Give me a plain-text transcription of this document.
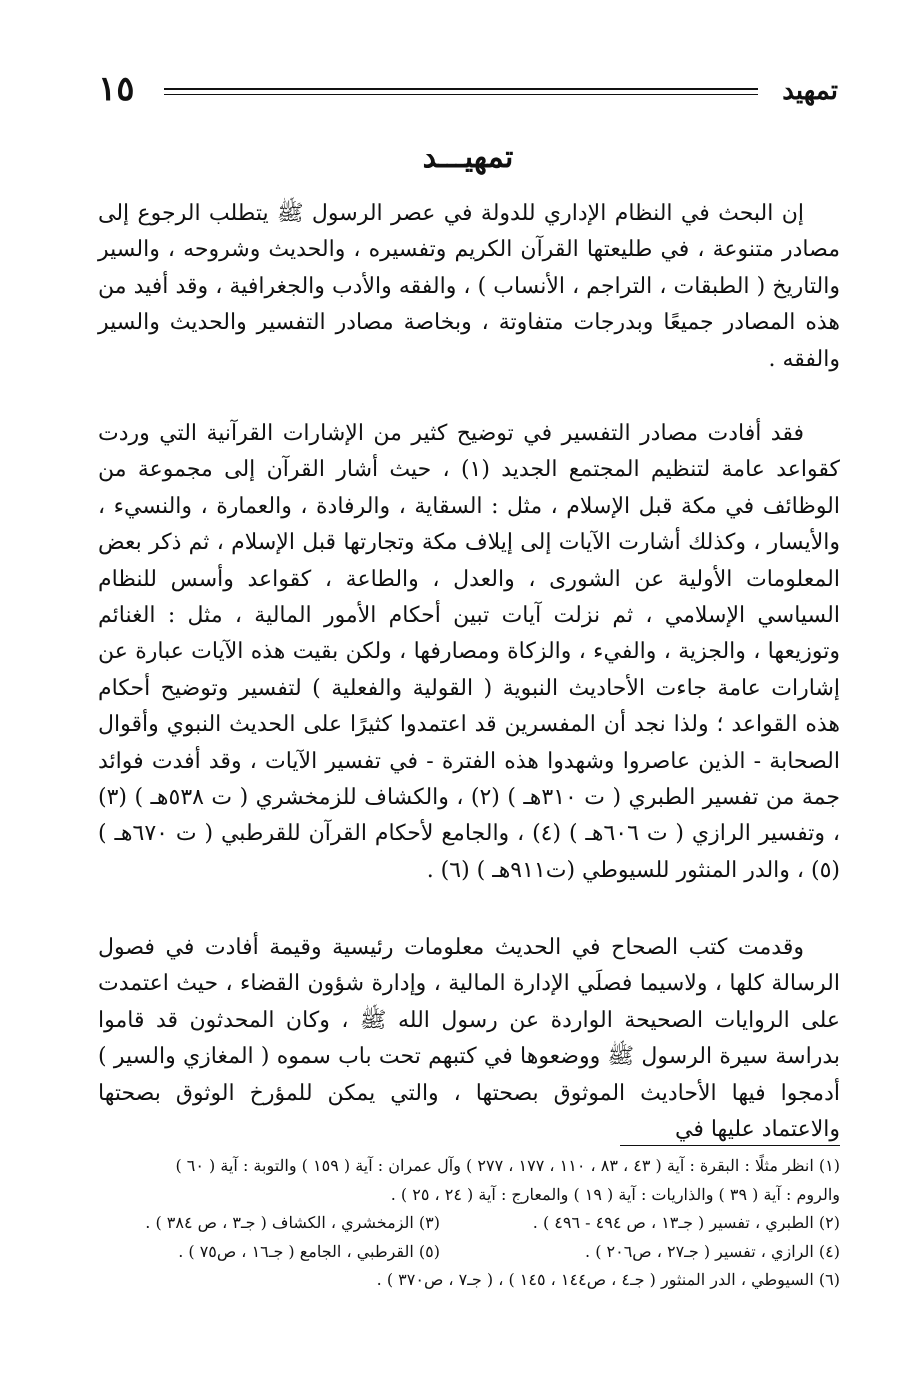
تمهيد
١٥
تمهيـــد

إن البحث في النظام الإداري للدولة في عصر الرسول ﷺ يتطلب الرجوع إلى مصادر متنوعة ، في طليعتها القرآن الكريم وتفسيره ، والحديث وشروحه ، والسير والتاريخ ( الطبقات ، التراجم ، الأنساب ) ، والفقه والأدب والجغرافية ، وقد أفيد من هذه المصادر جميعًا وبدرجات متفاوتة ، وبخاصة مصادر التفسير والحديث والسير والفقه .

فقد أفادت مصادر التفسير في توضيح كثير من الإشارات القرآنية التي وردت كقواعد عامة لتنظيم المجتمع الجديد (١) ، حيث أشار القرآن إلى مجموعة من الوظائف في مكة قبل الإسلام ، مثل : السقاية ، والرفادة ، والعمارة ، والنسيء ، والأيسار ، وكذلك أشارت الآيات إلى إيلاف مكة وتجارتها قبل الإسلام ، ثم ذكر بعض المعلومات الأولية عن الشورى ، والعدل ، والطاعة ، كقواعد وأسس للنظام السياسي الإسلامي ، ثم نزلت آيات تبين أحكام الأمور المالية ، مثل : الغنائم وتوزيعها ، والجزية ، والفيء ، والزكاة ومصارفها ، ولكن بقيت هذه الآيات عبارة عن إشارات عامة جاءت الأحاديث النبوية ( القولية والفعلية ) لتفسير وتوضيح أحكام هذه القواعد ؛ ولذا نجد أن المفسرين قد اعتمدوا كثيرًا على الحديث النبوي وأقوال الصحابة - الذين عاصروا وشهدوا هذه الفترة - في تفسير الآيات ، وقد أفدت فوائد جمة من تفسير الطبري ( ت ٣١٠هـ ) (٢) ، والكشاف للزمخشري ( ت ٥٣٨هـ ) (٣) ، وتفسير الرازي ( ت ٦٠٦هـ ) (٤) ، والجامع لأحكام القرآن للقرطبي ( ت ٦٧٠هـ ) (٥) ، والدر المنثور للسيوطي (ت٩١١هـ ) (٦) .

وقدمت كتب الصحاح في الحديث معلومات رئيسية وقيمة أفادت في فصول الرسالة كلها ، ولاسيما فصلَي الإدارة المالية ، وإدارة شؤون القضاء ، حيث اعتمدت على الروايات الصحيحة الواردة عن رسول الله ﷺ ، وكان المحدثون قد قاموا بدراسة سيرة الرسول ﷺ ووضعوها في كتبهم تحت باب سموه ( المغازي والسير ) أدمجوا فيها الأحاديث الموثوق بصحتها ، والتي يمكن للمؤرخ الوثوق بصحتها والاعتماد عليها في

(١) انظر مثلًا : البقرة : آية ( ٤٣ ، ٨٣ ، ١١٠ ، ١٧٧ ، ٢٧٧ ) وآل عمران : آية ( ١٥٩ ) والتوبة : آية ( ٦٠ )
والروم : آية ( ٣٩ ) والذاريات : آية ( ١٩ ) والمعارج : آية ( ٢٤ ، ٢٥ ) .
(٢) الطبري ، تفسير ( جـ١٣ ، ص ٤٩٤ - ٤٩٦ ) .
(٣) الزمخشري ، الكشاف ( جـ٣ ، ص ٣٨٤ ) .
(٤) الرازي ، تفسير ( جـ٢٧ ، ص٢٠٦ ) .
(٥) القرطبي ، الجامع ( جـ١٦ ، ص٧٥ ) .
(٦) السيوطي ، الدر المنثور ( جـ٤ ، ص١٤٤ ، ١٤٥ ) ، ( جـ٧ ، ص٣٧٠ ) .
